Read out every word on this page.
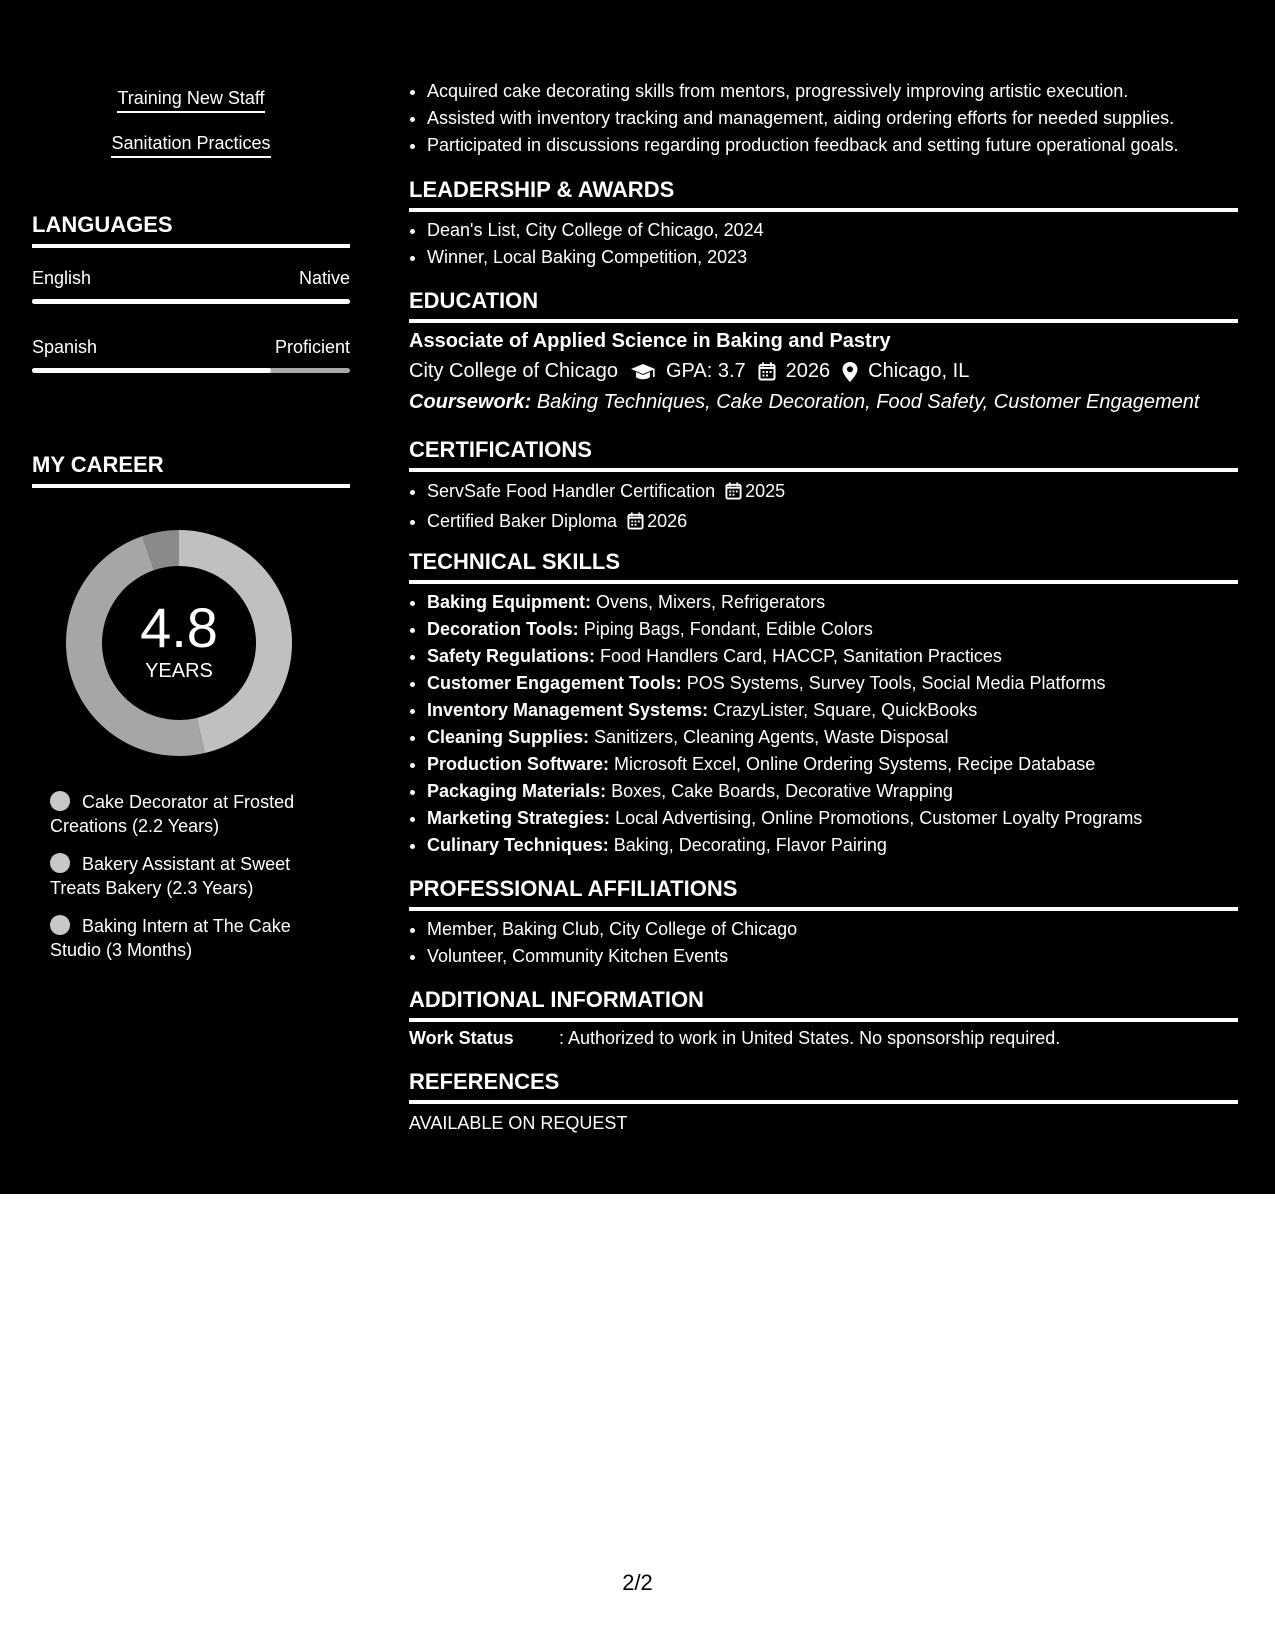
Training New Staff
Sanitation Practices
LANGUAGES
English	Native
Spanish	Proficient
MY CAREER
4.8
YEARS
Cake Decorator at Frosted Creations (2.2 Years)
Bakery Assistant at Sweet Treats Bakery (2.3 Years)
Baking Intern at The Cake Studio (3 Months)
• Acquired cake decorating skills from mentors, progressively improving artistic execution.
• Assisted with inventory tracking and management, aiding ordering efforts for needed supplies.
• Participated in discussions regarding production feedback and setting future operational goals.
LEADERSHIP & AWARDS
• Dean's List, City College of Chicago, 2024
• Winner, Local Baking Competition, 2023
EDUCATION
Associate of Applied Science in Baking and Pastry
City College of Chicago GPA: 3.7 2026 Chicago, IL
Coursework: Baking Techniques, Cake Decoration, Food Safety, Customer Engagement
CERTIFICATIONS
• ServSafe Food Handler Certification 2025
• Certified Baker Diploma 2026
TECHNICAL SKILLS
• Baking Equipment: Ovens, Mixers, Refrigerators
• Decoration Tools: Piping Bags, Fondant, Edible Colors
• Safety Regulations: Food Handlers Card, HACCP, Sanitation Practices
• Customer Engagement Tools: POS Systems, Survey Tools, Social Media Platforms
• Inventory Management Systems: CrazyLister, Square, QuickBooks
• Cleaning Supplies: Sanitizers, Cleaning Agents, Waste Disposal
• Production Software: Microsoft Excel, Online Ordering Systems, Recipe Database
• Packaging Materials: Boxes, Cake Boards, Decorative Wrapping
• Marketing Strategies: Local Advertising, Online Promotions, Customer Loyalty Programs
• Culinary Techniques: Baking, Decorating, Flavor Pairing
PROFESSIONAL AFFILIATIONS
• Member, Baking Club, City College of Chicago
• Volunteer, Community Kitchen Events
ADDITIONAL INFORMATION
Work Status	: Authorized to work in United States. No sponsorship required.
REFERENCES
AVAILABLE ON REQUEST
2/2
